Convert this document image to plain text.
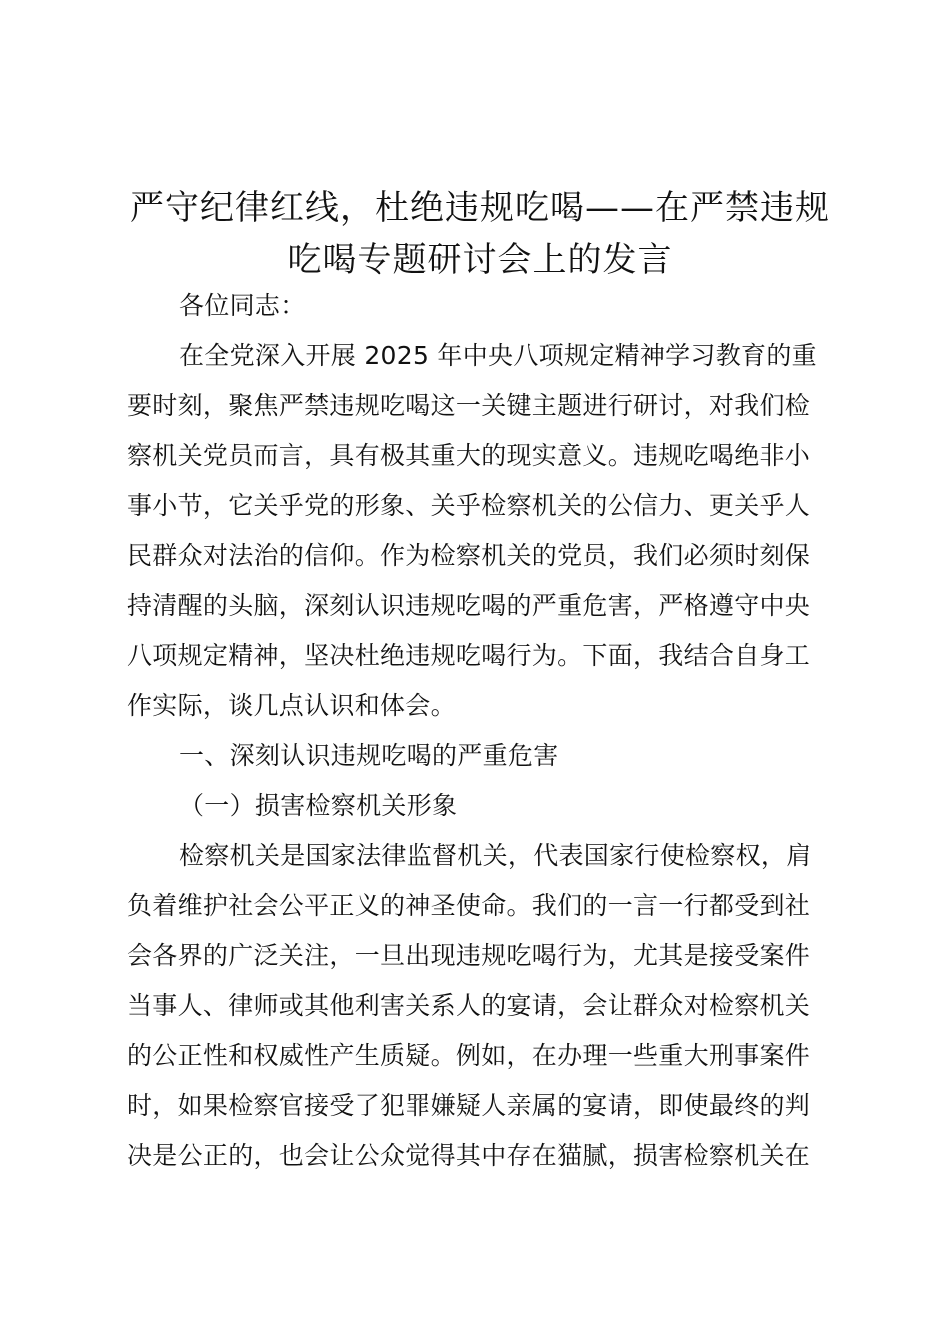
严守纪律红线，杜绝违规吃喝——在严禁违规
吃喝专题研讨会上的发言
各位同志：
在全党深入开展 2025 年中央八项规定精神学习教育的重
要时刻，聚焦严禁违规吃喝这一关键主题进行研讨，对我们检
察机关党员而言，具有极其重大的现实意义。违规吃喝绝非小
事小节，它关乎党的形象、关乎检察机关的公信力、更关乎人
民群众对法治的信仰。作为检察机关的党员，我们必须时刻保
持清醒的头脑，深刻认识违规吃喝的严重危害，严格遵守中央
八项规定精神，坚决杜绝违规吃喝行为。下面，我结合自身工
作实际，谈几点认识和体会。
一、深刻认识违规吃喝的严重危害
（一）损害检察机关形象
检察机关是国家法律监督机关，代表国家行使检察权，肩
负着维护社会公平正义的神圣使命。我们的一言一行都受到社
会各界的广泛关注，一旦出现违规吃喝行为，尤其是接受案件
当事人、律师或其他利害关系人的宴请，会让群众对检察机关
的公正性和权威性产生质疑。例如，在办理一些重大刑事案件
时，如果检察官接受了犯罪嫌疑人亲属的宴请，即使最终的判
决是公正的，也会让公众觉得其中存在猫腻，损害检察机关在
